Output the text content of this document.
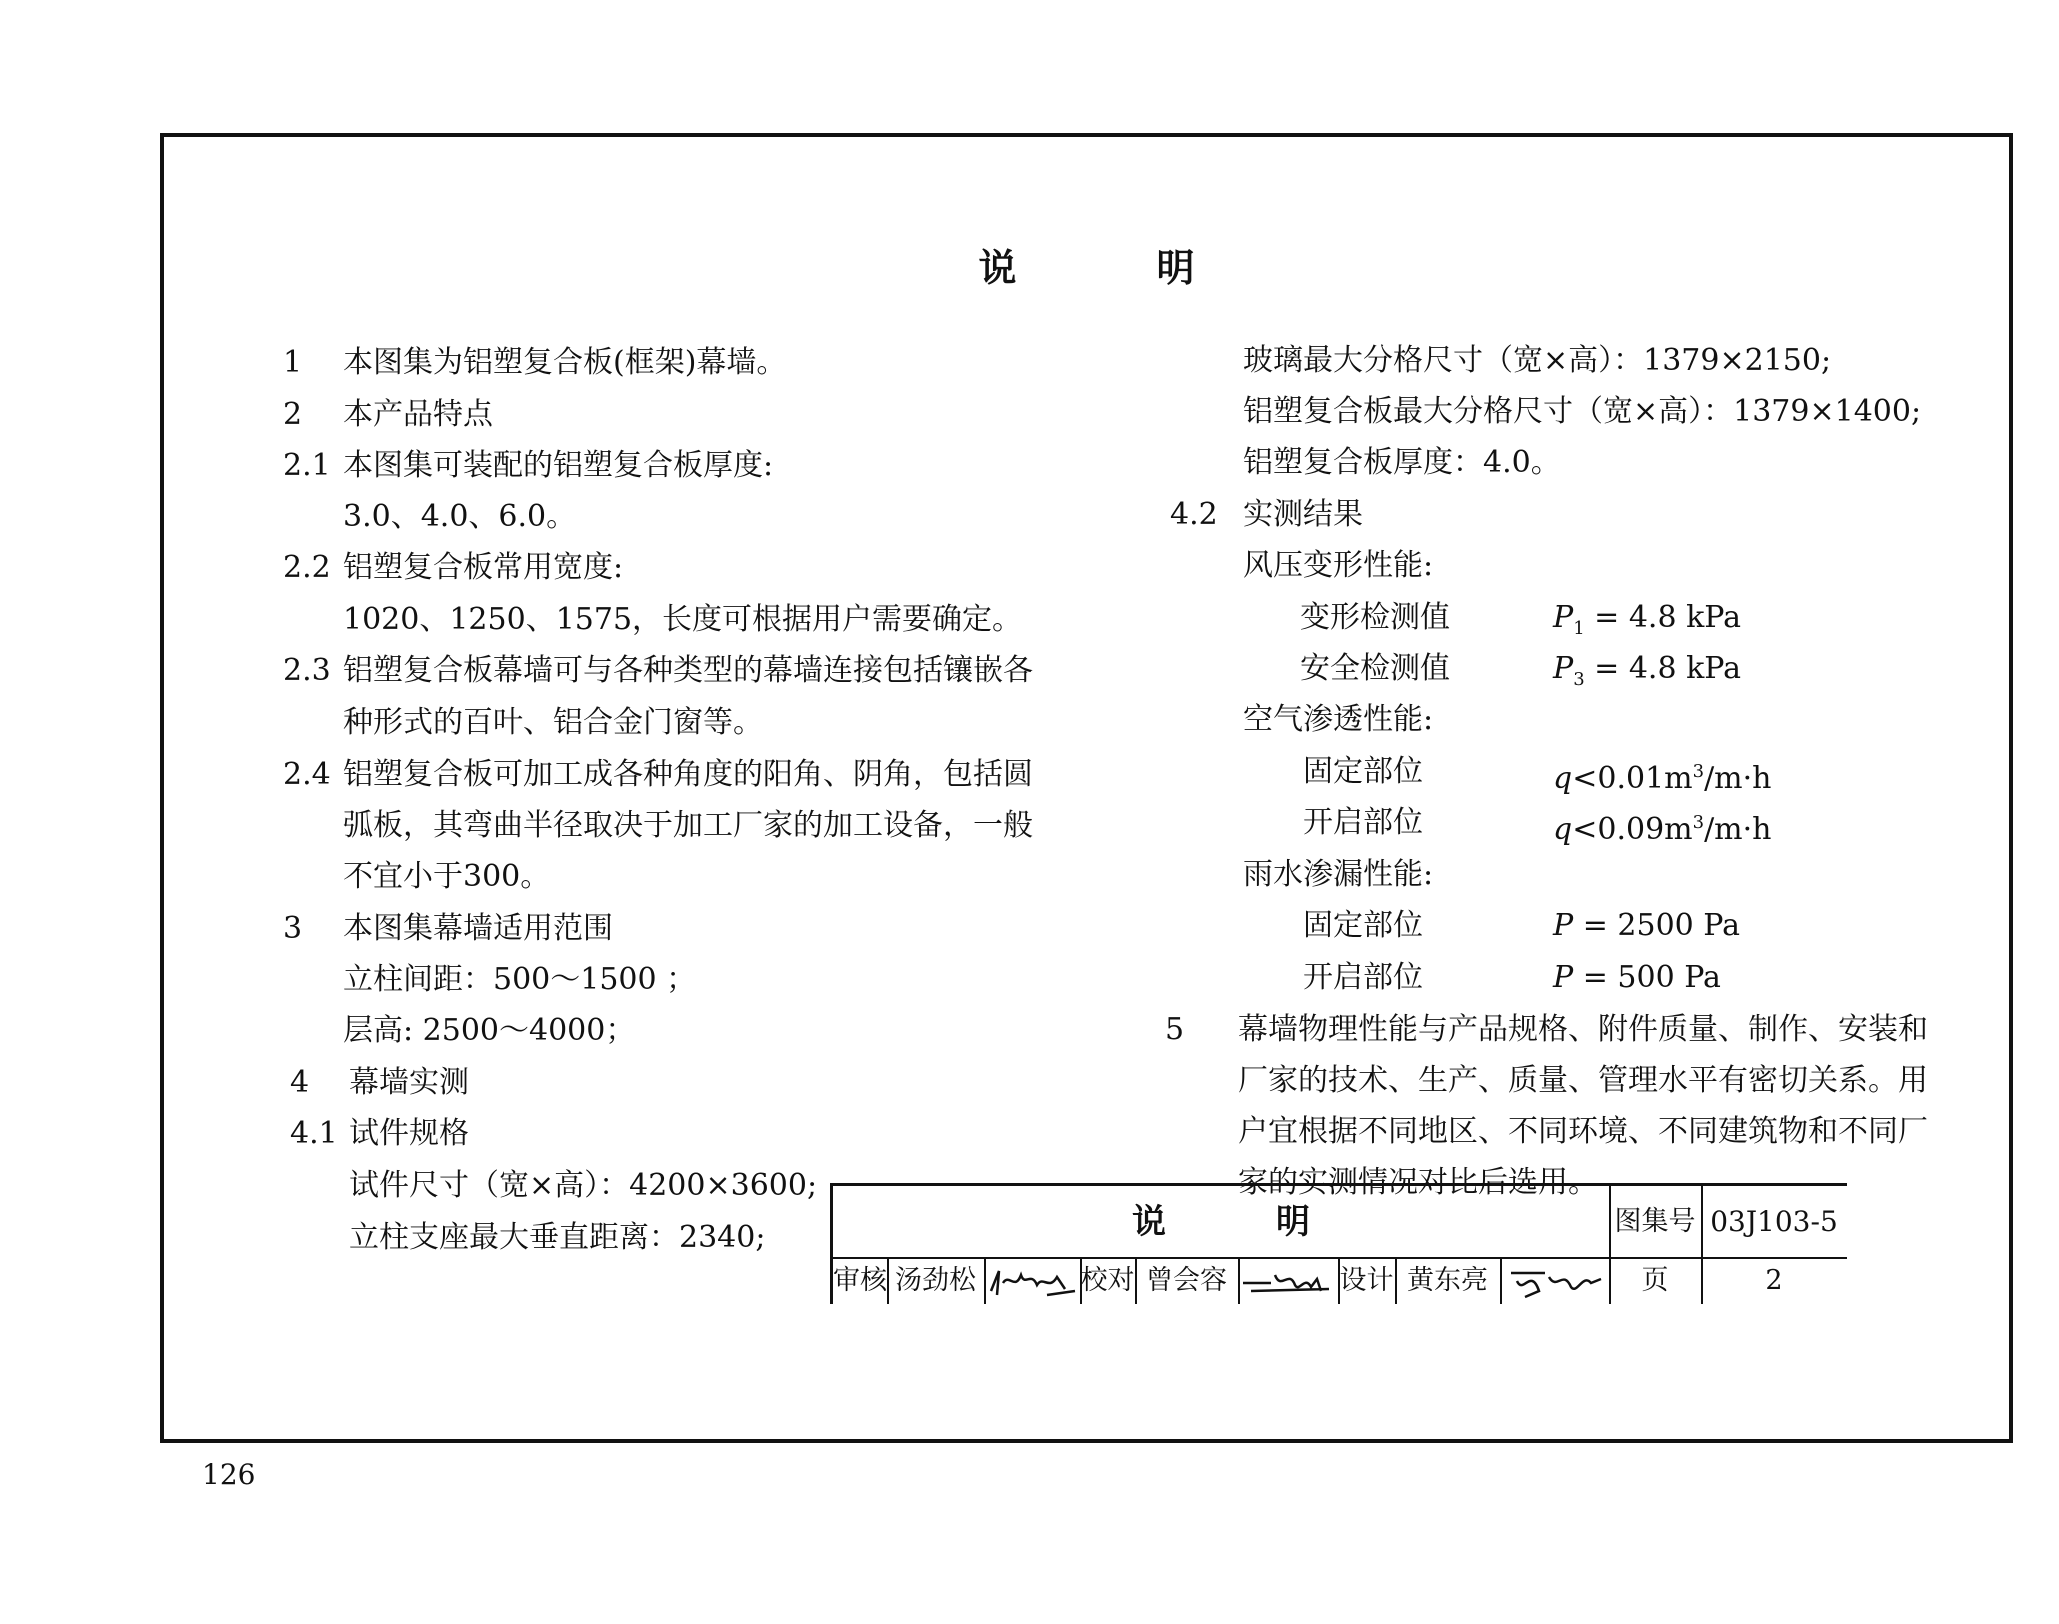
说明
1 本图集为铝塑复合板(框架)幕墙。
2 本产品特点
2.1 本图集可装配的铝塑复合板厚度:
3.0、4.0、6.0。
2.2 铝塑复合板常用宽度:
1020、1250、1575，长度可根据用户需要确定。
2.3 铝塑复合板幕墙可与各种类型的幕墙连接包括镶嵌各
种形式的百叶、铝合金门窗等。
2.4 铝塑复合板可加工成各种角度的阳角、阴角，包括圆
弧板，其弯曲半径取决于加工厂家的加工设备，一般
不宜小于300。
3 本图集幕墙适用范围
立柱间距：500～1500 ；
层高: 2500～4000；
4 幕墙实测
4.1 试件规格
试件尺寸（宽×高）：4200×3600;
立柱支座最大垂直距离：2340;
玻璃最大分格尺寸（宽×高）：1379×2150;
铝塑复合板最大分格尺寸（宽×高）：1379×1400;
铝塑复合板厚度：4.0。
4.2 实测结果
风压变形性能:
变形检测值	$P_1 = 4.8$ kPa
安全检测值	$P_3 = 4.8$ kPa
空气渗透性能:
固定部位	$q<0.01m^3/m\cdot h$
开启部位	$q<0.09m^3/m\cdot h$
雨水渗漏性能:
固定部位	P = 2500 Pa
开启部位	P = 500 Pa
5 幕墙物理性能与产品规格、附件质量、制作、安装和
厂家的技术、生产、质量、管理水平有密切关系。用
户宜根据不同地区、不同环境、不同建筑物和不同厂
家的实测情况对比后选用。
说明	图集号 03J103-5
审核 汤劲松	校对 曾会容	设计 黄东亮	页	2
126
